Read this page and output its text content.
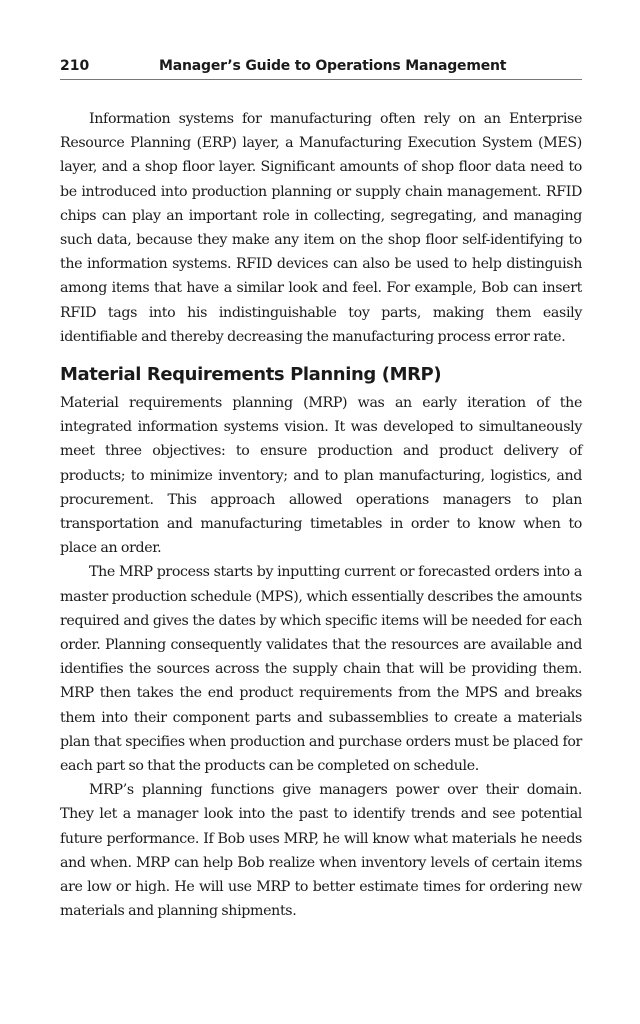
210	Manager’s Guide to Operations Management

Information systems for manufacturing often rely on an Enterprise Resource Planning (ERP) layer, a Manufacturing Execution System (MES) layer, and a shop floor layer. Significant amounts of shop floor data need to be introduced into production planning or supply chain management. RFID chips can play an important role in collecting, segregating, and managing such data, because they make any item on the shop floor self-identifying to the information systems. RFID devices can also be used to help distinguish among items that have a similar look and feel. For example, Bob can insert RFID tags into his indistinguishable toy parts, making them easily identifiable and thereby decreasing the manufacturing process error rate.

Material Requirements Planning (MRP)

Material requirements planning (MRP) was an early iteration of the integrated information systems vision. It was developed to simultaneously meet three objectives: to ensure production and product delivery of products; to minimize inventory; and to plan manufacturing, logistics, and procurement. This approach allowed operations managers to plan transportation and manufacturing timetables in order to know when to place an order.

The MRP process starts by inputting current or forecasted orders into a master production schedule (MPS), which essentially describes the amounts required and gives the dates by which specific items will be needed for each order. Planning consequently validates that the resources are available and identifies the sources across the supply chain that will be providing them. MRP then takes the end product requirements from the MPS and breaks them into their component parts and subassemblies to create a materials plan that specifies when production and purchase orders must be placed for each part so that the products can be completed on schedule.

MRP’s planning functions give managers power over their domain. They let a manager look into the past to identify trends and see potential future performance. If Bob uses MRP, he will know what materials he needs and when. MRP can help Bob realize when inventory levels of certain items are low or high. He will use MRP to better estimate times for ordering new materials and planning shipments.
